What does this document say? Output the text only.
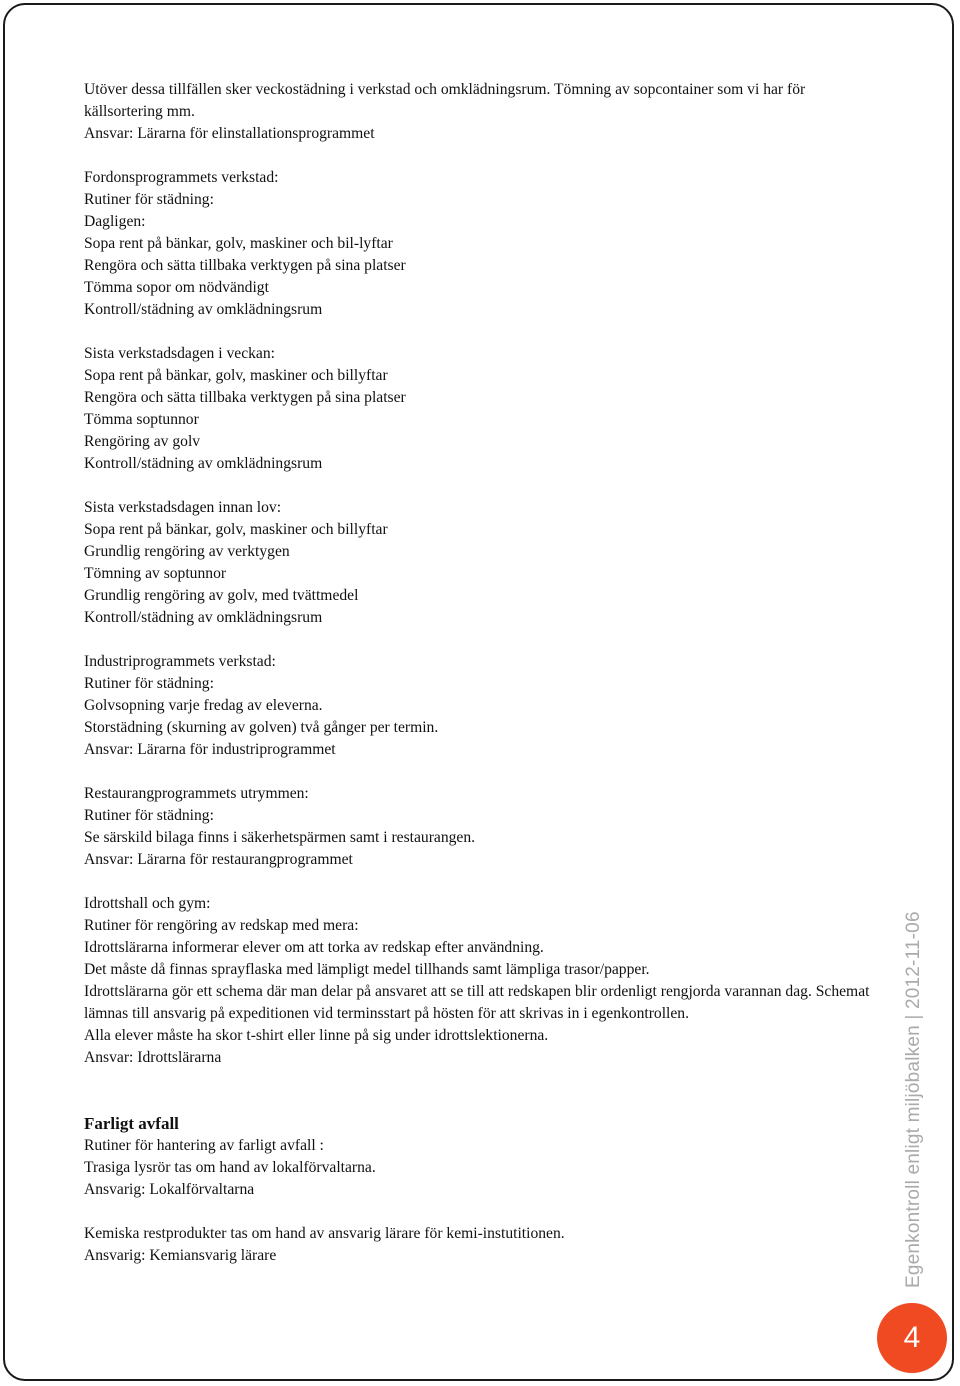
Utöver dessa tillfällen sker veckostädning i verkstad och omklädningsrum. Tömning av sopcontainer som vi har för källsortering mm.
Ansvar: Lärarna för elinstallationsprogrammet
Fordonsprogrammets verkstad:
Rutiner för städning:
Dagligen:
Sopa rent på bänkar, golv, maskiner och bil-lyftar
Rengöra och sätta tillbaka verktygen på sina platser
Tömma sopor om nödvändigt
Kontroll/städning av omklädningsrum
Sista verkstadsdagen i veckan:
Sopa rent på bänkar, golv, maskiner och billyftar
Rengöra och sätta tillbaka verktygen på sina platser
Tömma soptunnor
Rengöring av golv
Kontroll/städning av omklädningsrum
Sista verkstadsdagen innan lov:
Sopa rent på bänkar, golv, maskiner och billyftar
Grundlig rengöring av verktygen
Tömning av soptunnor
Grundlig rengöring av golv, med tvättmedel
Kontroll/städning av omklädningsrum
Industriprogrammets verkstad:
Rutiner för städning:
Golvsopning varje fredag av eleverna.
Storstädning (skurning av golven) två gånger per termin.
Ansvar: Lärarna för industriprogrammet
Restaurangprogrammets utrymmen:
Rutiner för städning:
Se särskild bilaga finns i säkerhetspärmen samt i restaurangen.
Ansvar: Lärarna för restaurangprogrammet
Idrottshall och gym:
Rutiner för rengöring av redskap med mera:
Idrottslärarna informerar elever om att torka av redskap efter användning.
Det måste då finnas sprayflaska med lämpligt medel tillhands samt lämpliga trasor/papper.
Idrottslärarna gör ett schema där man delar på ansvaret att se till att redskapen blir ordenligt rengjorda varannan dag. Schemat lämnas till ansvarig på expeditionen vid terminsstart på hösten för att skrivas in i egenkontrollen.
Alla elever måste ha skor t-shirt eller linne på sig under idrottslektionerna.
Ansvar: Idrottslärarna
Farligt avfall
Rutiner för hantering av farligt avfall :
Trasiga lysrör tas om hand av lokalförvaltarna.
Ansvarig: Lokalförvaltarna
Kemiska restprodukter tas om hand av ansvarig lärare för kemi-instutitionen.
Ansvarig: Kemiansvarig lärare	Egenkontroll enligt miljöbalken | 2012-11-06
4
